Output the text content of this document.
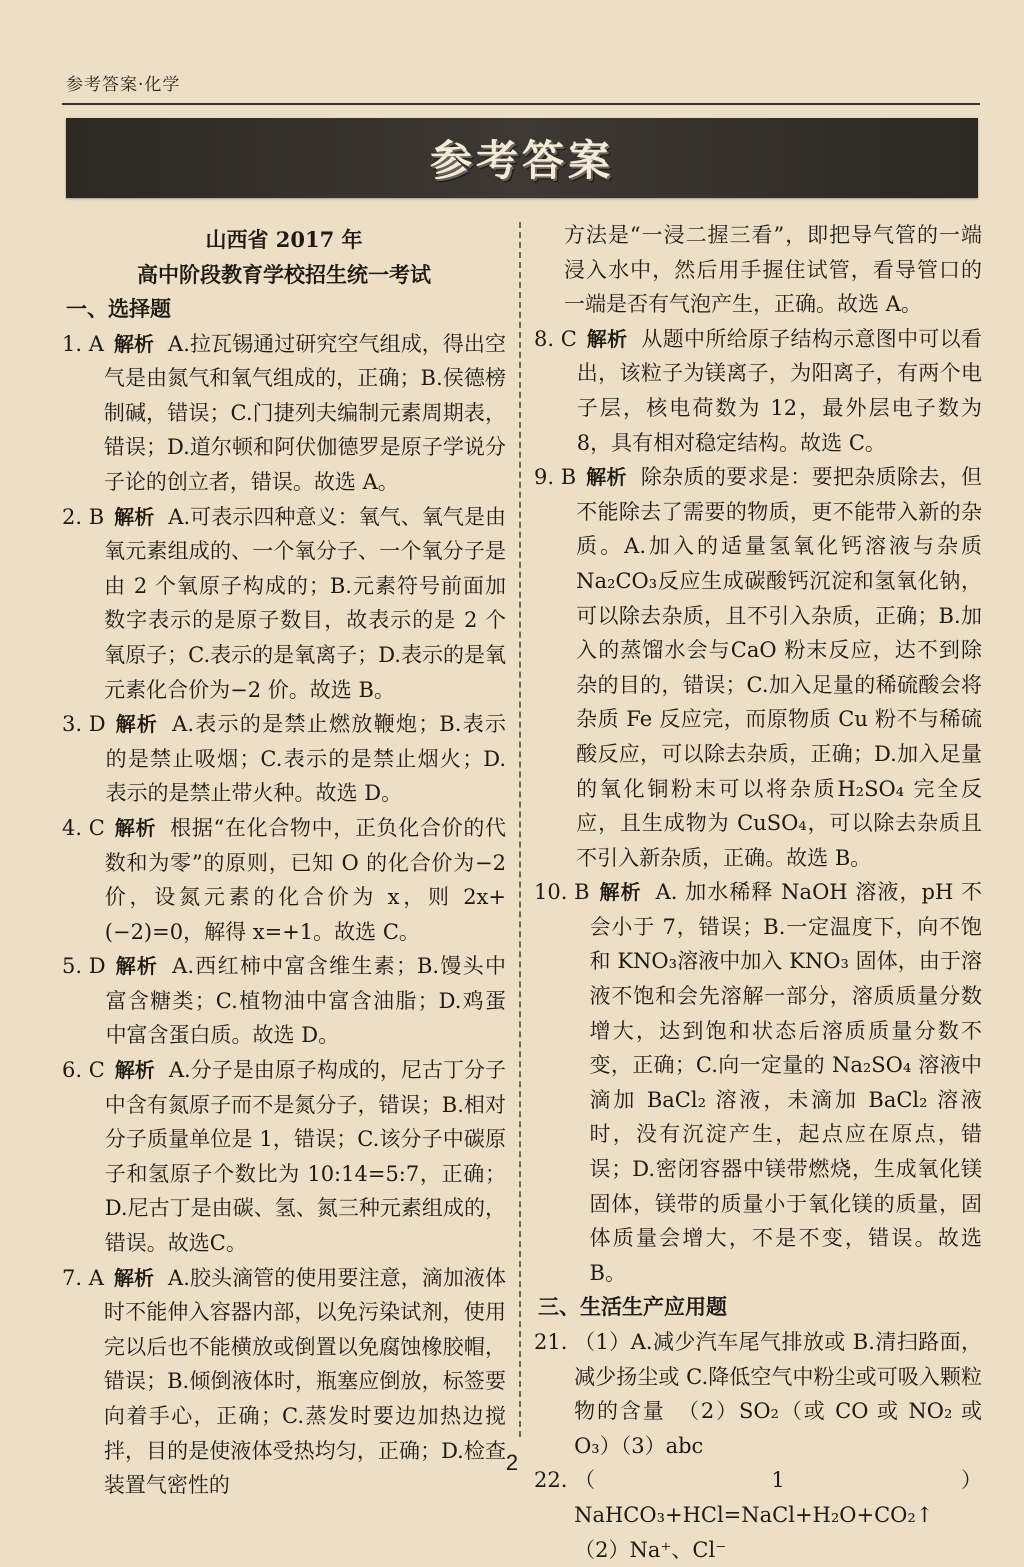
参考答案·化学
参考答案
山西省 2017 年
高中阶段教育学校招生统一考试
一、选择题
1. A 解析 A.拉瓦锡通过研究空气组成，得出空气是由氮气和氧气组成的，正确；B.侯德榜制碱，错误；C.门捷列夫编制元素周期表，错误；D.道尔顿和阿伏伽德罗是原子学说分子论的创立者，错误。故选 A。
2. B 解析 A.可表示四种意义：氧气、氧气是由氧元素组成的、一个氧分子、一个氧分子是由 2 个氧原子构成的；B.元素符号前面加数字表示的是原子数目，故表示的是 2 个氧原子；C.表示的是氧离子；D.表示的是氧元素化合价为−2 价。故选 B。
3. D 解析 A.表示的是禁止燃放鞭炮；B.表示的是禁止吸烟；C.表示的是禁止烟火；D.表示的是禁止带火种。故选 D。
4. C 解析 根据“在化合物中，正负化合价的代数和为零”的原则，已知 O 的化合价为−2 价，设氮元素的化合价为 x，则 2x+(−2)=0，解得 x=+1。故选 C。
5. D 解析 A.西红柿中富含维生素；B.馒头中富含糖类；C.植物油中富含油脂；D.鸡蛋中富含蛋白质。故选 D。
6. C 解析 A.分子是由原子构成的，尼古丁分子中含有氮原子而不是氮分子，错误；B.相对分子质量单位是 1，错误；C.该分子中碳原子和氢原子个数比为 10:14=5:7，正确；D.尼古丁是由碳、氢、氮三种元素组成的，错误。故选C。
7. A 解析 A.胶头滴管的使用要注意，滴加液体时不能伸入容器内部，以免污染试剂，使用完以后也不能横放或倒置以免腐蚀橡胶帽，错误；B.倾倒液体时，瓶塞应倒放，标签要向着手心，正确；C.蒸发时要边加热边搅拌，目的是使液体受热均匀，正确；D.检查装置气密性的
方法是“一浸二握三看”，即把导气管的一端浸入水中，然后用手握住试管，看导管口的一端是否有气泡产生，正确。故选 A。
8. C 解析 从题中所给原子结构示意图中可以看出，该粒子为镁离子，为阳离子，有两个电子层，核电荷数为 12，最外层电子数为 8，具有相对稳定结构。故选 C。
9. B 解析 除杂质的要求是：要把杂质除去，但不能除去了需要的物质，更不能带入新的杂质。A.加入的适量氢氧化钙溶液与杂质Na₂CO₃反应生成碳酸钙沉淀和氢氧化钠，可以除去杂质，且不引入杂质，正确；B.加入的蒸馏水会与CaO 粉末反应，达不到除杂的目的，错误；C.加入足量的稀硫酸会将杂质 Fe 反应完，而原物质 Cu 粉不与稀硫酸反应，可以除去杂质，正确；D.加入足量的氧化铜粉末可以将杂质H₂SO₄ 完全反应，且生成物为 CuSO₄，可以除去杂质且不引入新杂质，正确。故选 B。
10. B 解析 A. 加水稀释 NaOH 溶液，pH 不会小于 7，错误；B.一定温度下，向不饱和 KNO₃溶液中加入 KNO₃ 固体，由于溶液不饱和会先溶解一部分，溶质质量分数增大，达到饱和状态后溶质质量分数不变，正确；C.向一定量的 Na₂SO₄ 溶液中滴加 BaCl₂ 溶液，未滴加 BaCl₂ 溶液时，没有沉淀产生，起点应在原点，错误；D.密闭容器中镁带燃烧，生成氧化镁固体，镁带的质量小于氧化镁的质量，固体质量会增大，不是不变，错误。故选 B。
三、生活生产应用题
21. （1）A.减少汽车尾气排放或 B.清扫路面，减少扬尘或 C.降低空气中粉尘或可吸入颗粒物的含量　（2）SO₂（或 CO 或 NO₂ 或 O₃）（3）abc
22. （1）NaHCO₃+HCl=NaCl+H₂O+CO₂↑　（2）Na⁺、Cl⁻
2
